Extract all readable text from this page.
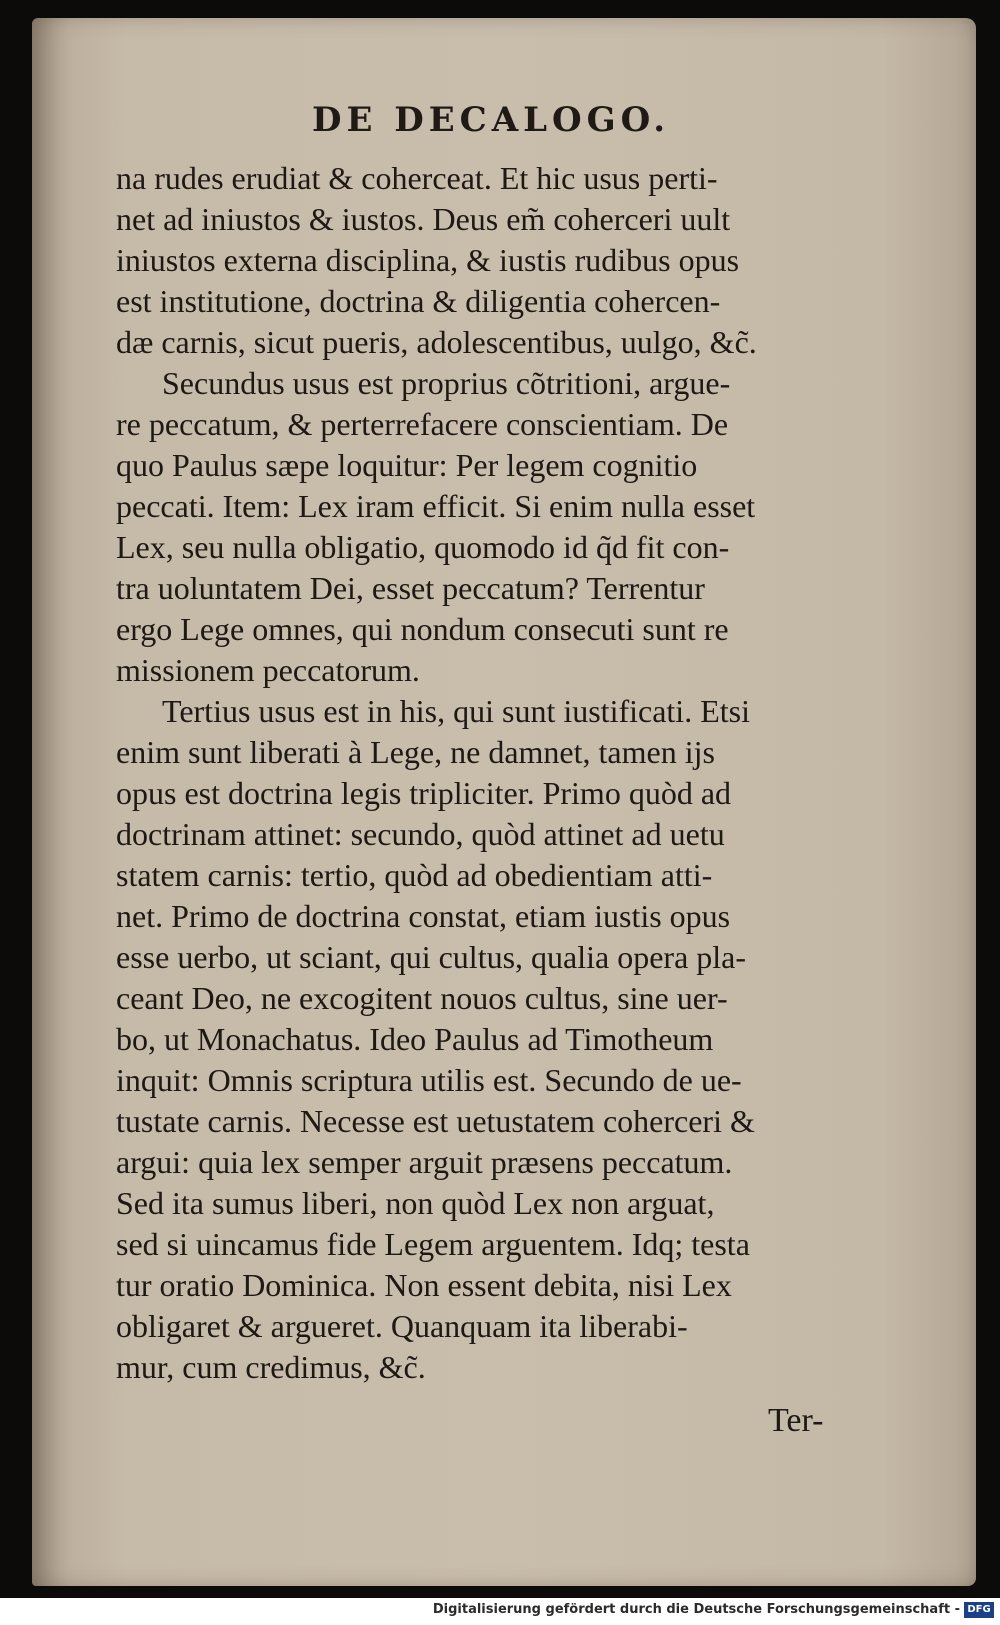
DE DECALOGO.
na rudes erudiat & coherceat. Et hic usus perti-
net ad iniustos & iustos. Deus em̃ coherceri uult
iniustos externa disciplina, & iustis rudibus opus
est institutione, doctrina & diligentia cohercen-
dæ carnis, sicut pueris, adolescentibus, uulgo, &c̃.
Secundus usus est proprius cõtritioni, argue-
re peccatum, & perterrefacere conscientiam. De
quo Paulus sæpe loquitur: Per legem cognitio
peccati. Item: Lex iram efficit. Si enim nulla esset
Lex, seu nulla obligatio, quomodo id q̃d fit con-
tra uoluntatem Dei, esset peccatum? Terrentur
ergo Lege omnes, qui nondum consecuti sunt re
missionem peccatorum.
Tertius usus est in his, qui sunt iustificati. Etsi
enim sunt liberati à Lege, ne damnet, tamen ijs
opus est doctrina legis tripliciter. Primo quòd ad
doctrinam attinet: secundo, quòd attinet ad uetu
statem carnis: tertio, quòd ad obedientiam atti-
net. Primo de doctrina constat, etiam iustis opus
esse uerbo, ut sciant, qui cultus, qualia opera pla-
ceant Deo, ne excogitent nouos cultus, sine uer-
bo, ut Monachatus. Ideo Paulus ad Timotheum
inquit: Omnis scriptura utilis est. Secundo de ue-
tustate carnis. Necesse est uetustatem coherceri &
argui: quia lex semper arguit præsens peccatum.
Sed ita sumus liberi, non quòd Lex non arguat,
sed si uincamus fide Legem arguentem. Idq; testa
tur oratio Dominica. Non essent debita, nisi Lex
obligaret & argueret. Quanquam ita liberabi-
mur, cum credimus, &c̃.

Ter-

Digitalisierung gefördert durch die Deutsche Forschungsgemeinschaft - DFG
